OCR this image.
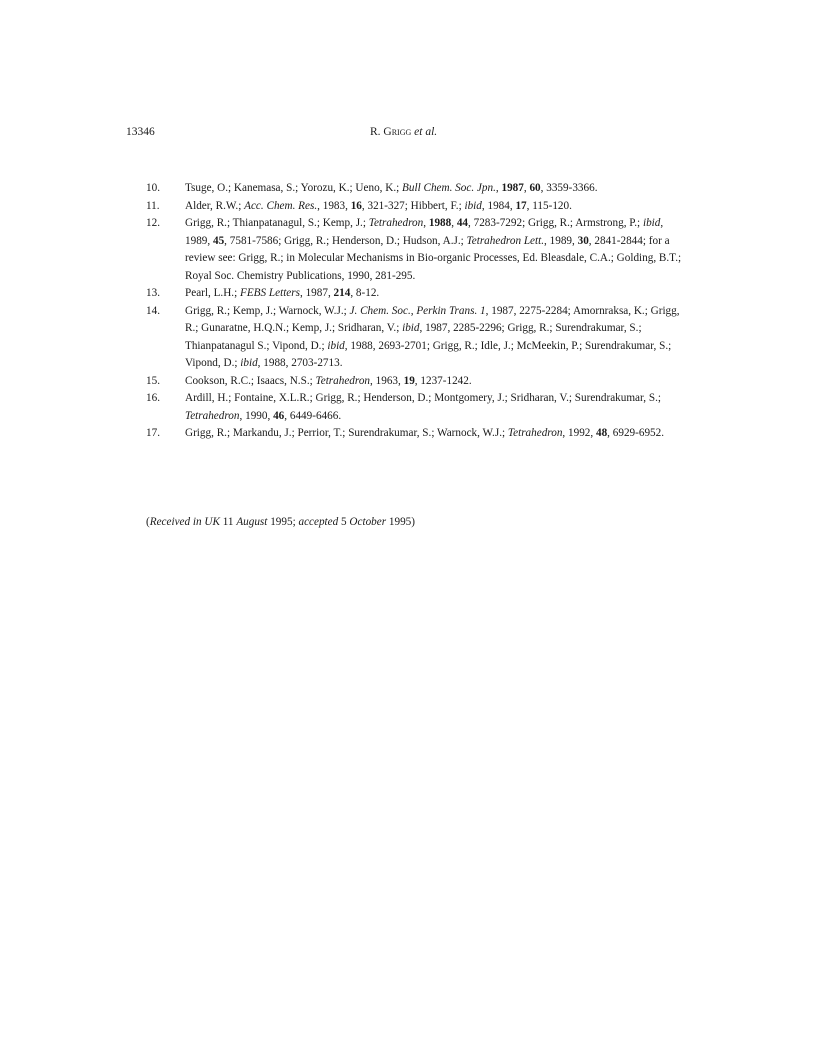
13346	R. Grigg et al.
10. Tsuge, O.; Kanemasa, S.; Yorozu, K.; Ueno, K.; Bull Chem. Soc. Jpn., 1987, 60, 3359-3366.
11. Alder, R.W.; Acc. Chem. Res., 1983, 16, 321-327; Hibbert, F.; ibid, 1984, 17, 115-120.
12. Grigg, R.; Thianpatanagul, S.; Kemp, J.; Tetrahedron, 1988, 44, 7283-7292; Grigg, R.; Armstrong, P.; ibid, 1989, 45, 7581-7586; Grigg, R.; Henderson, D.; Hudson, A.J.; Tetrahedron Lett., 1989, 30, 2841-2844; for a review see: Grigg, R.; in Molecular Mechanisms in Bio-organic Processes, Ed. Bleasdale, C.A.; Golding, B.T.; Royal Soc. Chemistry Publications, 1990, 281-295.
13. Pearl, L.H.; FEBS Letters, 1987, 214, 8-12.
14. Grigg, R.; Kemp, J.; Warnock, W.J.; J. Chem. Soc., Perkin Trans. 1, 1987, 2275-2284; Amornraksa, K.; Grigg, R.; Gunaratne, H.Q.N.; Kemp, J.; Sridharan, V.; ibid, 1987, 2285-2296; Grigg, R.; Surendrakumar, S.; Thianpatanagul S.; Vipond, D.; ibid, 1988, 2693-2701; Grigg, R.; Idle, J.; McMeekin, P.; Surendrakumar, S.; Vipond, D.; ibid, 1988, 2703-2713.
15. Cookson, R.C.; Isaacs, N.S.; Tetrahedron, 1963, 19, 1237-1242.
16. Ardill, H.; Fontaine, X.L.R.; Grigg, R.; Henderson, D.; Montgomery, J.; Sridharan, V.; Surendrakumar, S.; Tetrahedron, 1990, 46, 6449-6466.
17. Grigg, R.; Markandu, J.; Perrior, T.; Surendrakumar, S.; Warnock, W.J.; Tetrahedron, 1992, 48, 6929-6952.
(Received in UK 11 August 1995; accepted 5 October 1995)
